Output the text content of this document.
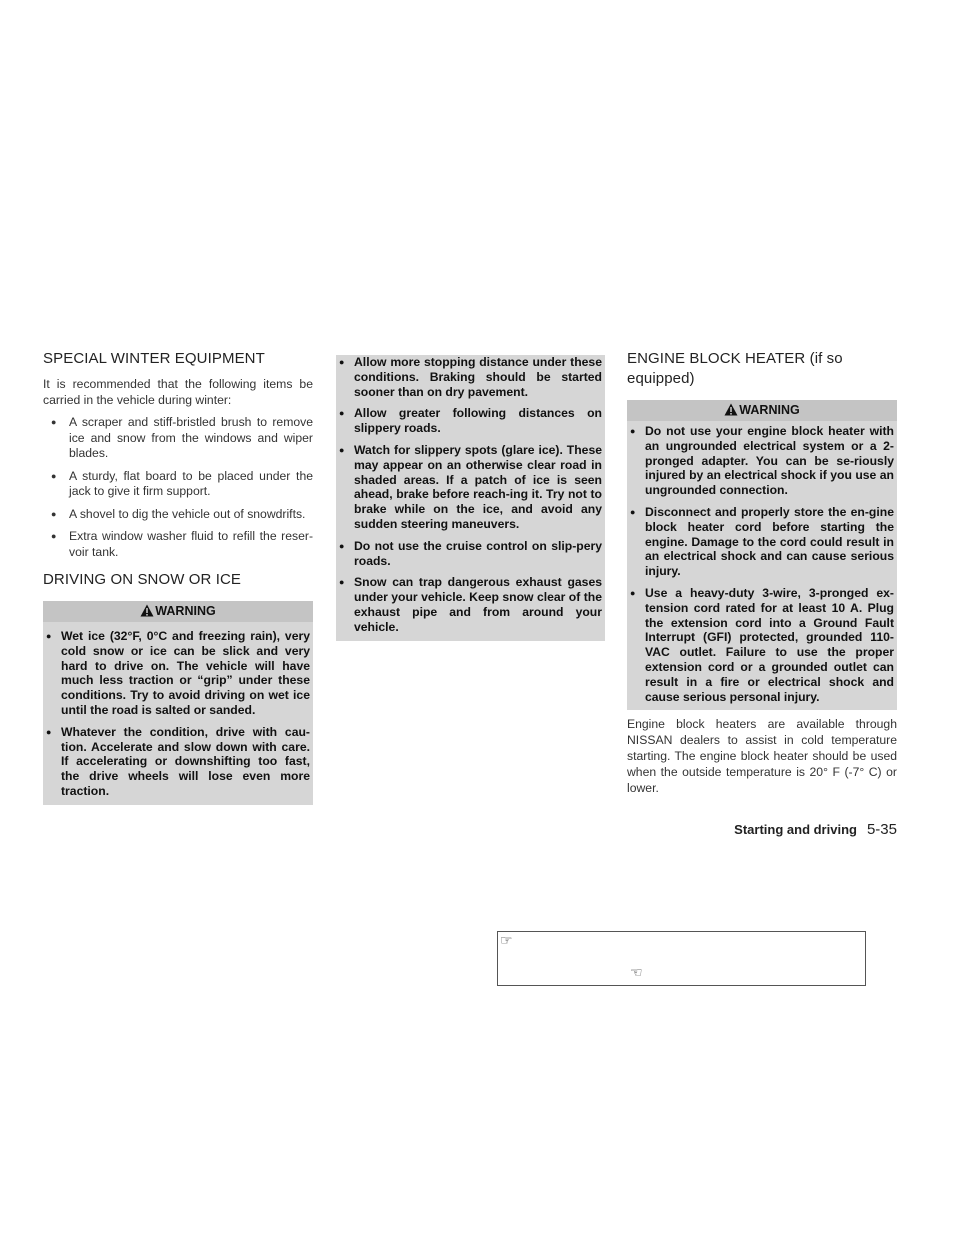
SPECIAL WINTER EQUIPMENT

It is recommended that the following items be carried in the vehicle during winter:

● A scraper and stiff-bristled brush to remove ice and snow from the windows and wiper blades.
● A sturdy, flat board to be placed under the jack to give it firm support.
● A shovel to dig the vehicle out of snowdrifts.
● Extra window washer fluid to refill the reser-voir tank.
DRIVING ON SNOW OR ICE
WARNING
● Wet ice (32°F, 0°C and freezing rain), very cold snow or ice can be slick and very hard to drive on. The vehicle will have much less traction or “grip” under these conditions. Try to avoid driving on wet ice until the road is salted or sanded.
● Whatever the condition, drive with cau-tion. Accelerate and slow down with care. If accelerating or downshifting too fast, the drive wheels will lose even more traction.
● Allow more stopping distance under these conditions. Braking should be started sooner than on dry pavement.
● Allow greater following distances on slippery roads.
● Watch for slippery spots (glare ice). These may appear on an otherwise clear road in shaded areas. If a patch of ice is seen ahead, brake before reach-ing it. Try not to brake while on the ice, and avoid any sudden steering maneuvers.
● Do not use the cruise control on slip-pery roads.
● Snow can trap dangerous exhaust gases under your vehicle. Keep snow clear of the exhaust pipe and from around your vehicle.
ENGINE BLOCK HEATER (if so equipped)
WARNING
● Do not use your engine block heater with an ungrounded electrical system or a 2-pronged adapter. You can be se-riously injured by an electrical shock if you use an ungrounded connection.
● Disconnect and properly store the en-gine block heater cord before starting the engine. Damage to the cord could result in an electrical shock and can cause serious injury.
● Use a heavy-duty 3-wire, 3-pronged ex-tension cord rated for at least 10 A. Plug the extension cord into a Ground Fault Interrupt (GFI) protected, grounded 110-VAC outlet. Failure to use the proper extension cord or a grounded outlet can result in a fire or electrical shock and cause serious personal injury.

Engine block heaters are available through NISSAN dealers to assist in cold temperature starting. The engine block heater should be used when the outside temperature is 20° F (-7° C) or lower.

Starting and driving 5-35
☞
☜
